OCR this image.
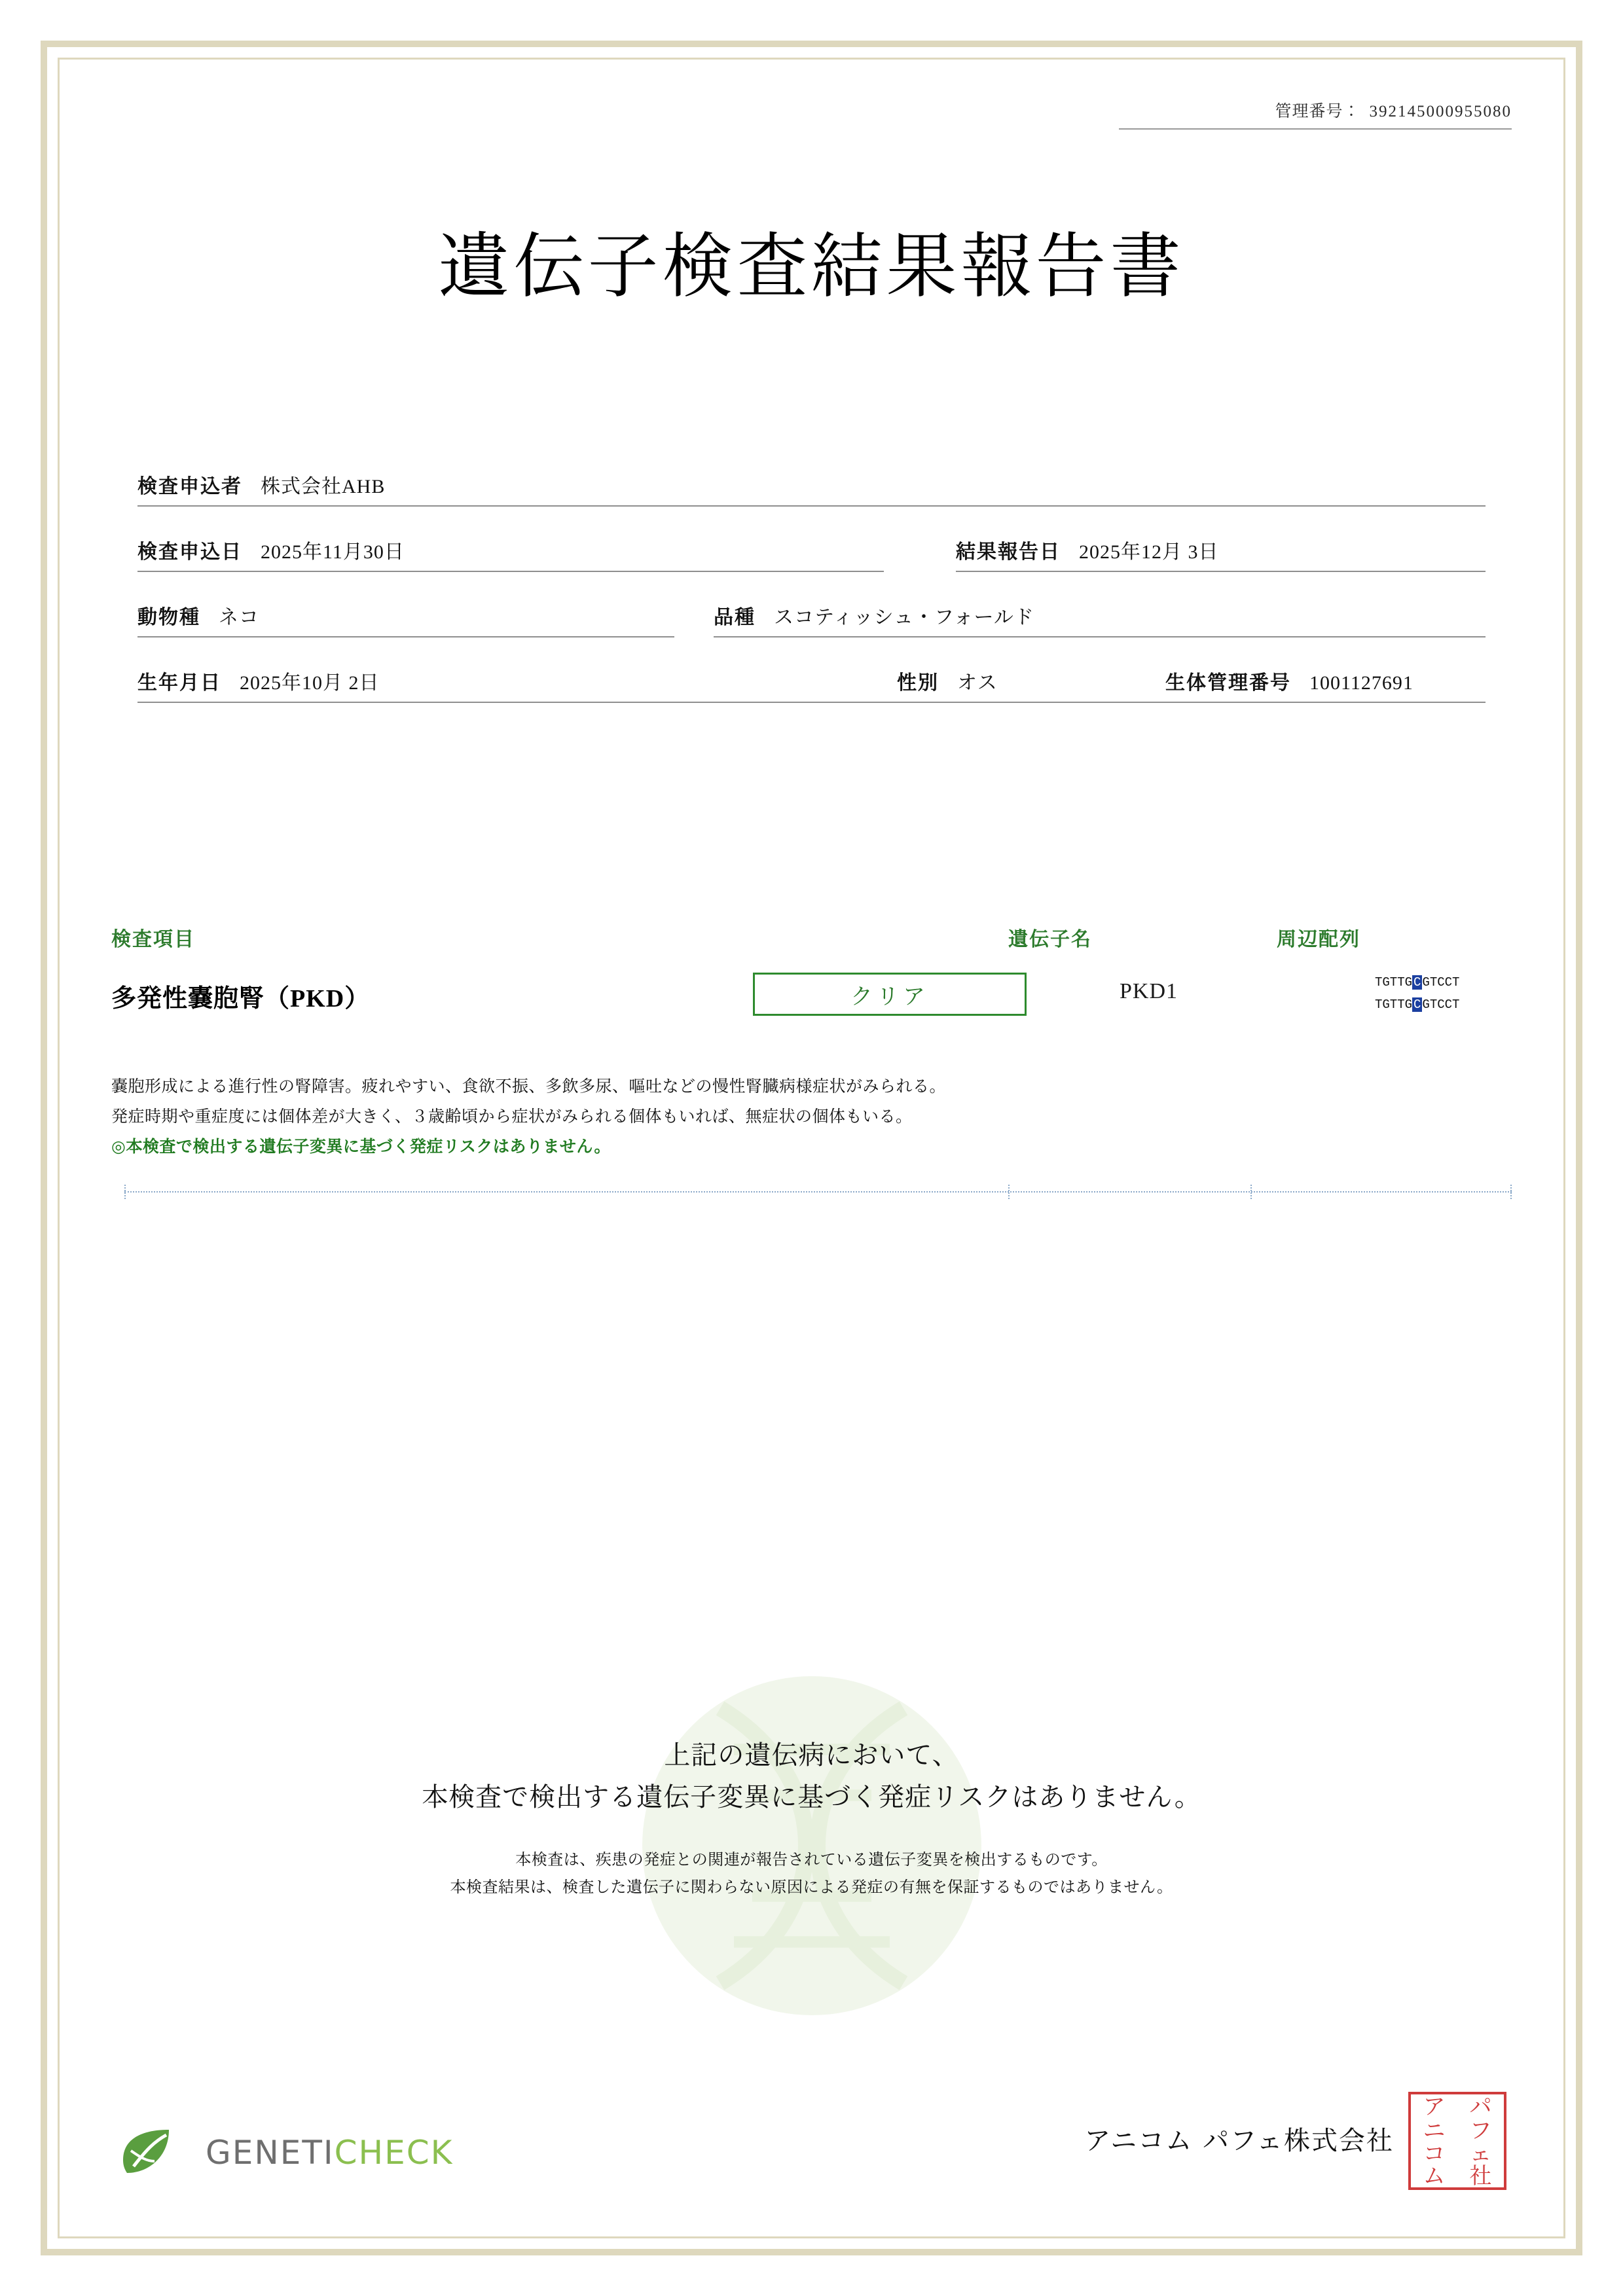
管理番号： 392145000955080
遺伝子検査結果報告書
検査申込者 株式会社AHB
検査申込日 2025年11月30日	結果報告日 2025年12月 3日
動物種 ネコ	品種 スコティッシュ・フォールド
生年月日 2025年10月 2日	性別 オス	生体管理番号 1001127691
検査項目	遺伝子名	周辺配列
多発性嚢胞腎（PKD）	クリア	PKD1	TGTTG C GTCCT
TGTTG C GTCCT

嚢胞形成による進行性の腎障害。疲れやすい、食欲不振、多飲多尿、嘔吐などの慢性腎臓病様症状がみられる。

発症時期や重症度には個体差が大きく、３歳齢頃から症状がみられる個体もいれば、無症状の個体もいる。

◎本検査で検出する遺伝子変異に基づく発症リスクはありません。

上記の遺伝病において、
本検査で検出する遺伝子変異に基づく発症リスクはありません。
本検査は、疾患の発症との関連が報告されている遺伝子変異を検出するものです。
本検査結果は、検査した遺伝子に関わらない原因による発症の有無を保証するものではありません。
GENETICHECK	アニコム パフェ株式会社
ア パ
ニ フ
コ ェ
ム 社
